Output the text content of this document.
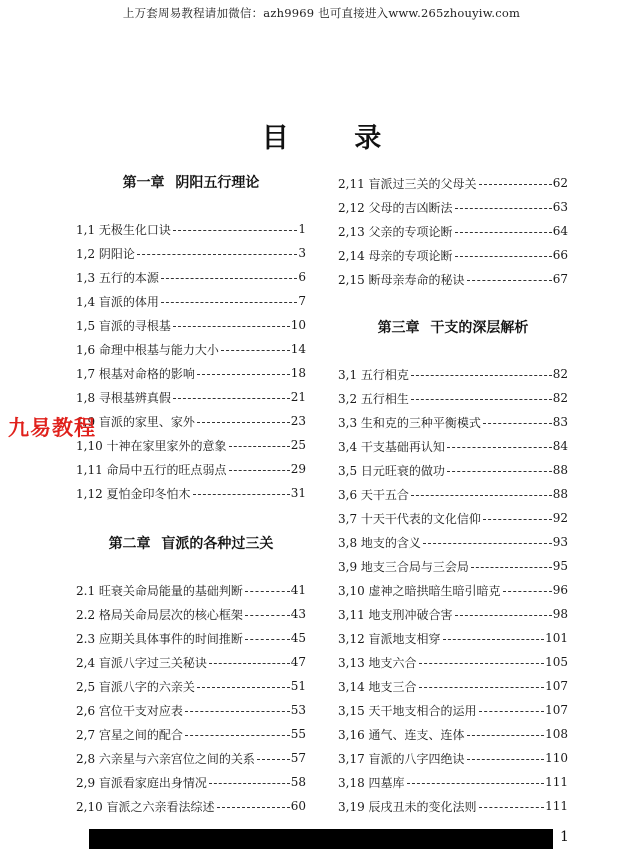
上万套周易教程请加微信：azh9969 也可直接进入www.265zhouyiw.com
目 录
第一章 阴阳五行理论
1,1 无极生化口诀	1
1,2 阴阳论	3
1,3 五行的本源	6
1,4 盲派的体用	7
1,5 盲派的寻根基	10
1,6 命理中根基与能力大小	14
1,7 根基对命格的影响	18
1,8 寻根基辨真假	21
1,9 盲派的家里、家外	23
1,10 十神在家里家外的意象	25
1,11 命局中五行的旺点弱点	29
1,12 夏怕金印冬怕木	31
第二章 盲派的各种过三关
2.1 旺衰关命局能量的基础判断	41
2.2 格局关命局层次的核心框架	43
2.3 应期关具体事件的时间推断	45
2,4 盲派八字过三关秘诀	47
2,5 盲派八字的六亲关	51
2,6 宫位干支对应表	53
2,7 宫星之间的配合	55
2,8 六亲星与六亲宫位之间的关系	57
2,9 盲派看家庭出身情况	58
2,10 盲派之六亲看法综述	60
2,11 盲派过三关的父母关	62
2,12 父母的吉凶断法	63
2,13 父亲的专项论断	64
2,14 母亲的专项论断	66
2,15 断母亲寿命的秘诀	67
第三章 干支的深层解析
3,1 五行相克	82
3,2 五行相生	82
3,3 生和克的三种平衡模式	83
3,4 干支基础再认知	84
3,5 日元旺衰的做功	88
3,6 天干五合	88
3,7 十天干代表的文化信仰	92
3,8 地支的含义	93
3,9 地支三合局与三会局	95
3,10 虚神之暗拱暗生暗引暗克	96
3,11 地支刑冲破合害	98
3,12 盲派地支相穿	101
3,13 地支六合	105
3,14 地支三合	107
3,15 天干地支相合的运用	107
3,16 通气、连支、连体	108
3,17 盲派的八字四绝诀	110
3,18 四墓库	111
3,19 辰戌丑未的变化法则	111
九易教程
1
